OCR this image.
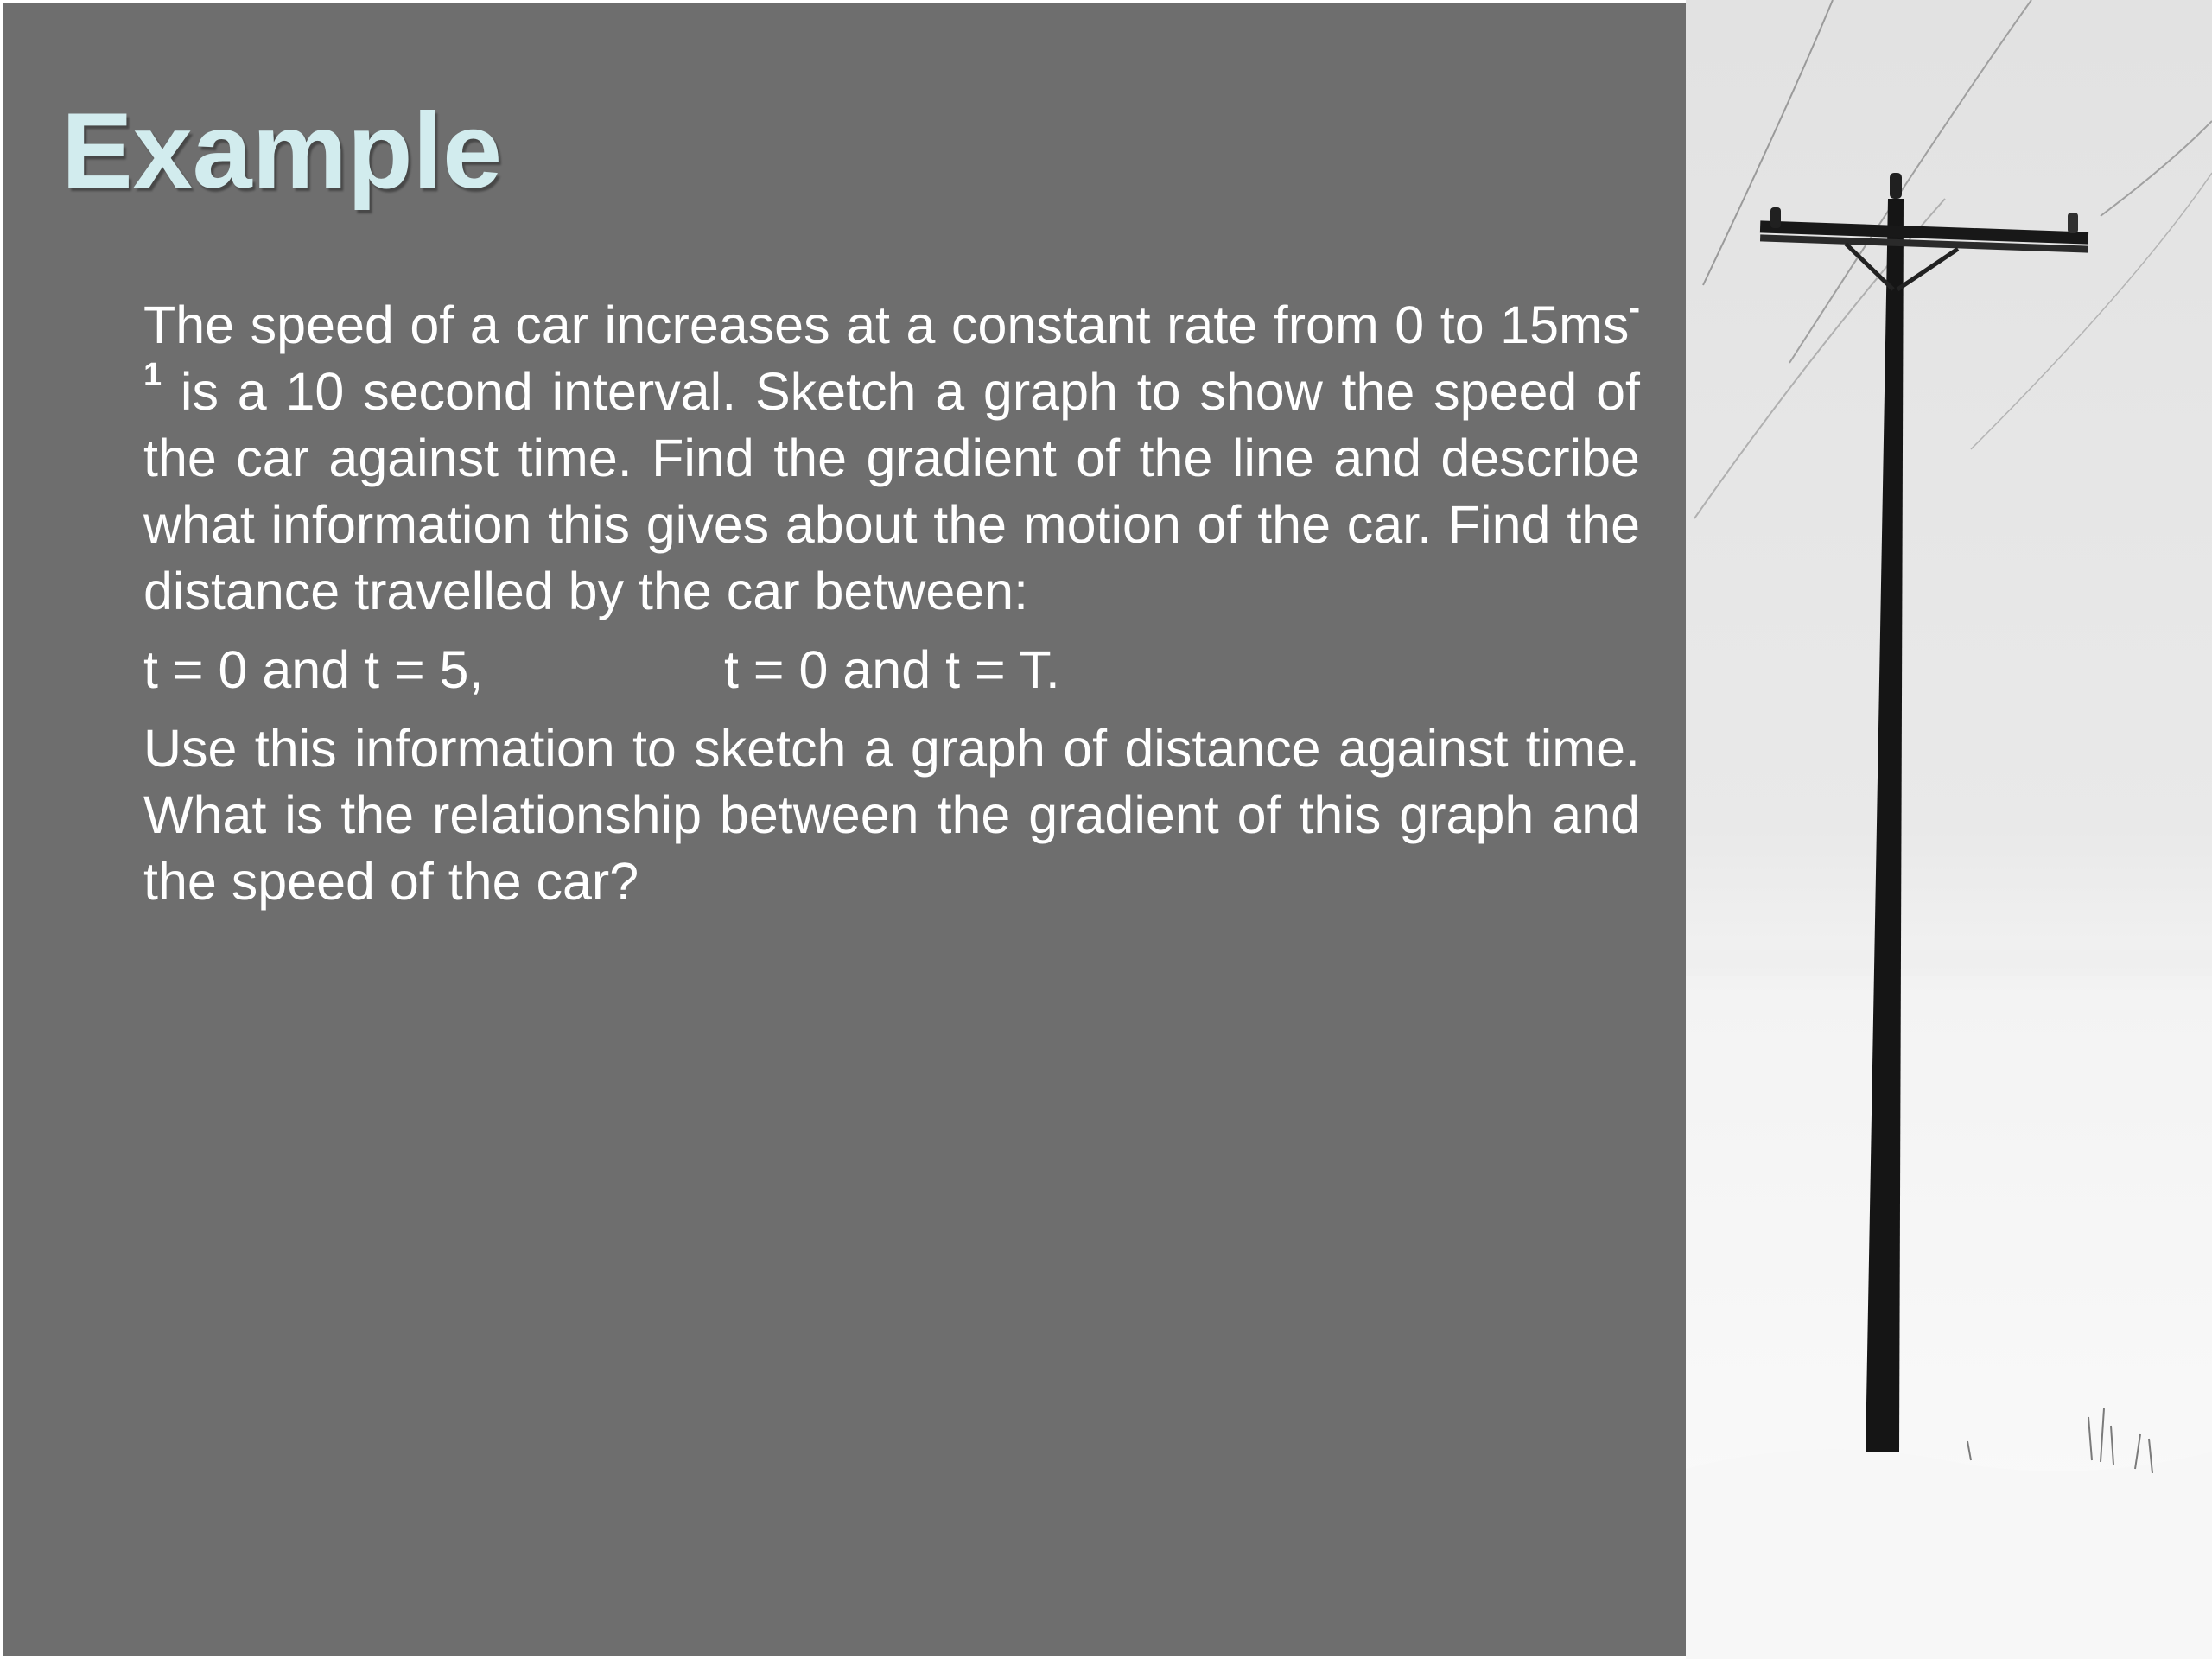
Example

The speed of a car increases at a constant rate from 0 to $15ms^{-1}$ is a 10 second interval. Sketch a graph to show the speed of the car against time. Find the gradient of the line and describe what information this gives about the motion of the car. Find the distance travelled by the car between:

t = 0 and t = 5,	t = 0 and t = T.

Use this information to sketch a graph of distance against time. What is the relationship between the gradient of this graph and the speed of the car?
